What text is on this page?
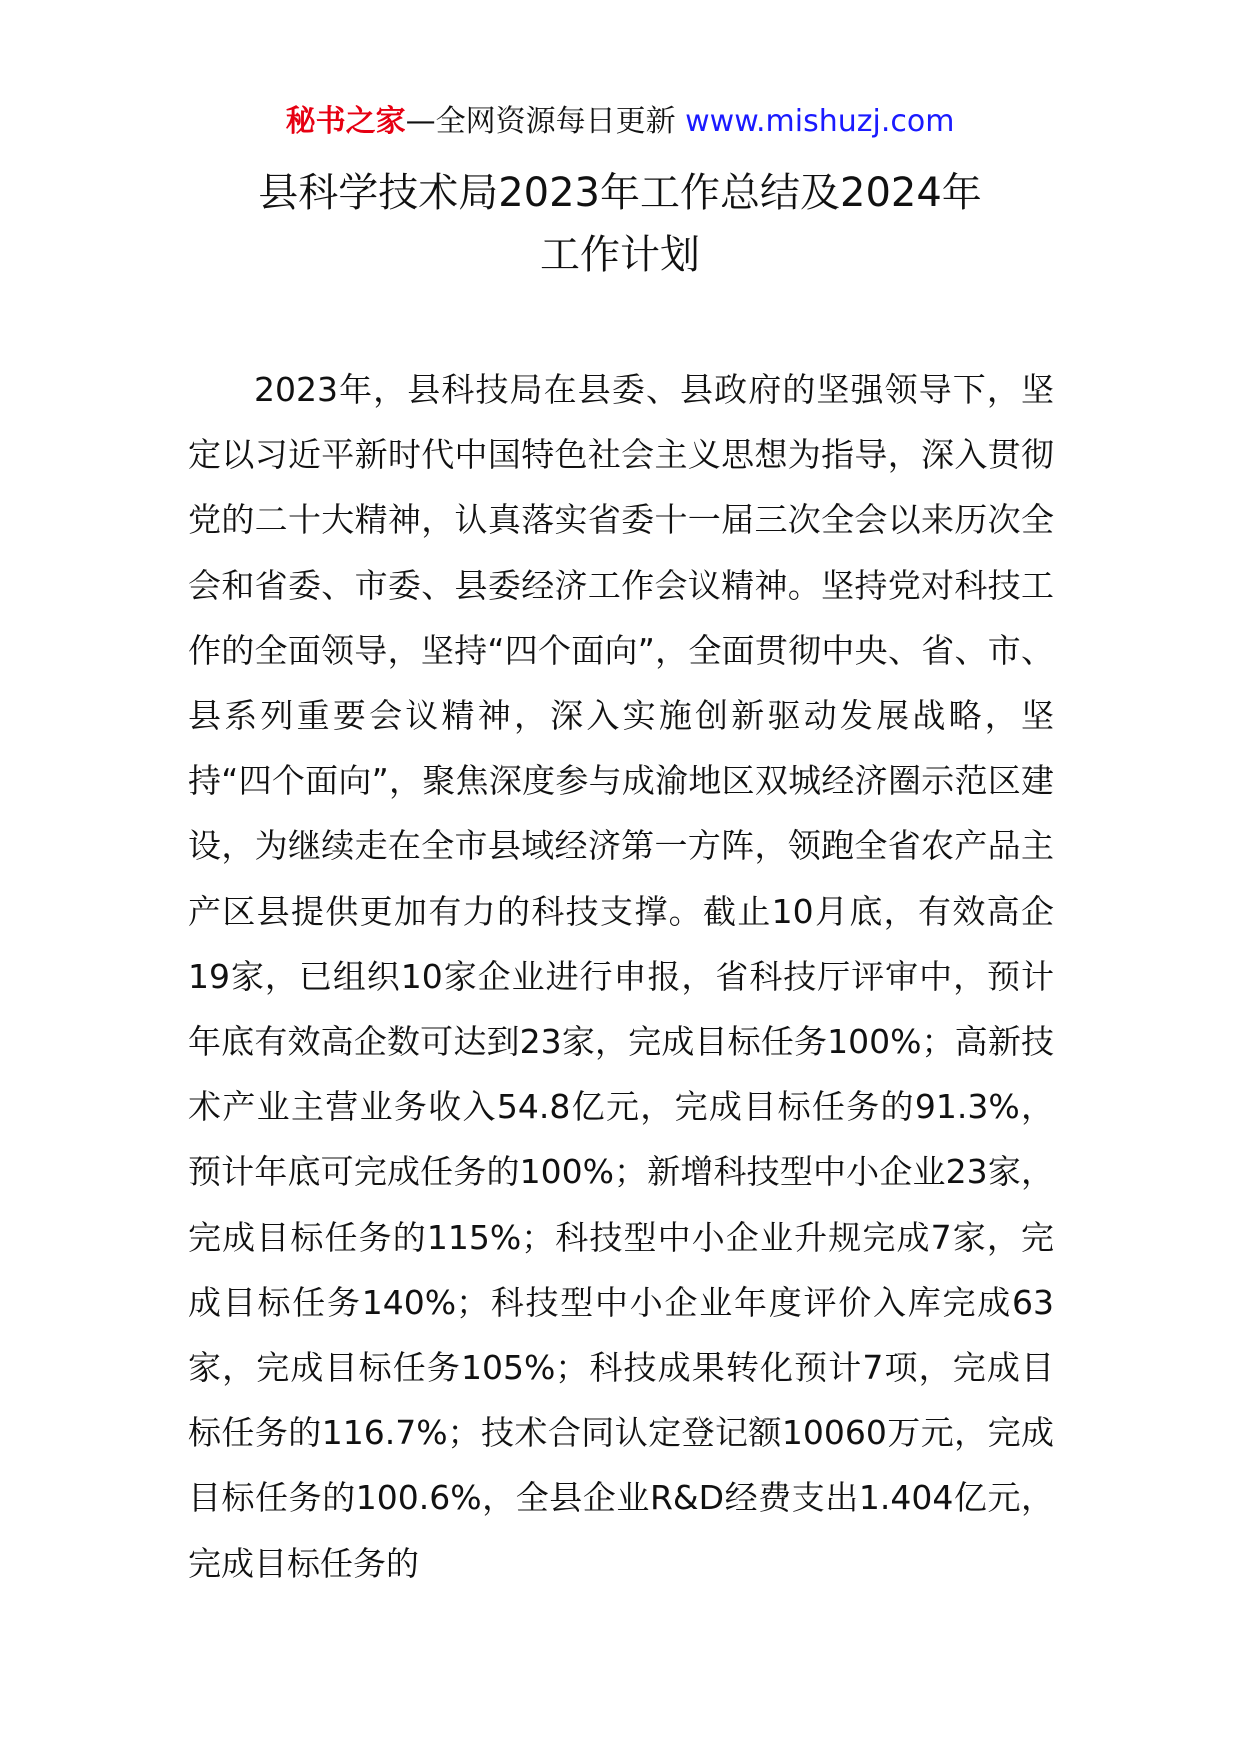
秘书之家—全网资源每日更新 www.mishuzj.com
县科学技术局2023年工作总结及2024年
工作计划

2023年，县科技局在县委、县政府的坚强领导下，坚定以习近平新时代中国特色社会主义思想为指导，深入贯彻党的二十大精神，认真落实省委十一届三次全会以来历次全会和省委、市委、县委经济工作会议精神。坚持党对科技工作的全面领导，坚持“四个面向”，全面贯彻中央、省、市、县系列重要会议精神，深入实施创新驱动发展战略，坚持“四个面向”，聚焦深度参与成渝地区双城经济圈示范区建设，为继续走在全市县域经济第一方阵，领跑全省农产品主产区县提供更加有力的科技支撑。截止10月底，有效高企19家，已组织10家企业进行申报，省科技厅评审中，预计年底有效高企数可达到23家，完成目标任务100%；高新技术产业主营业务收入54.8亿元，完成目标任务的91.3%，预计年底可完成任务的100%；新增科技型中小企业23家，完成目标任务的115%；科技型中小企业升规完成7家，完成目标任务140%；科技型中小企业年度评价入库完成63家，完成目标任务105%；科技成果转化预计7项，完成目标任务的116.7%；技术合同认定登记额10060万元，完成目标任务的100.6%，全县企业R&D经费支出1.404亿元，完成目标任务的
